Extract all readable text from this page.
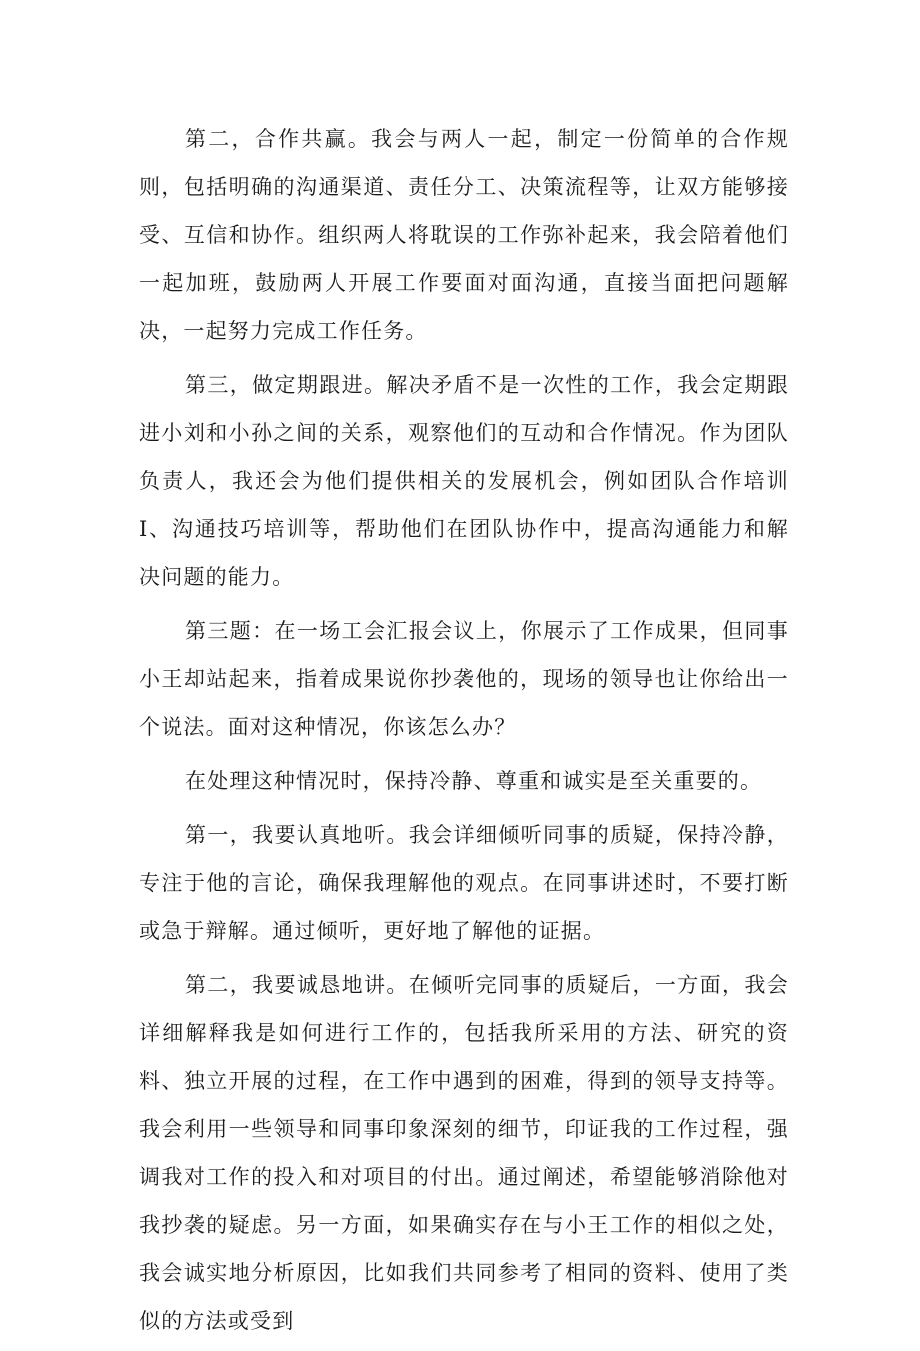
第二，合作共赢。我会与两人一起，制定一份简单的合作规则，包括明确的沟通渠道、责任分工、决策流程等，让双方能够接受、互信和协作。组织两人将耽误的工作弥补起来，我会陪着他们一起加班，鼓励两人开展工作要面对面沟通，直接当面把问题解决，一起努力完成工作任务。

第三，做定期跟进。解决矛盾不是一次性的工作，我会定期跟进小刘和小孙之间的关系，观察他们的互动和合作情况。作为团队负责人，我还会为他们提供相关的发展机会，例如团队合作培训I、沟通技巧培训等，帮助他们在团队协作中，提高沟通能力和解决问题的能力。

第三题：在一场工会汇报会议上，你展示了工作成果，但同事小王却站起来，指着成果说你抄袭他的，现场的领导也让你给出一个说法。面对这种情况，你该怎么办？

在处理这种情况时，保持冷静、尊重和诚实是至关重要的。

第一，我要认真地听。我会详细倾听同事的质疑，保持冷静，专注于他的言论，确保我理解他的观点。在同事讲述时，不要打断或急于辩解。通过倾听，更好地了解他的证据。

第二，我要诚恳地讲。在倾听完同事的质疑后，一方面，我会详细解释我是如何进行工作的，包括我所采用的方法、研究的资料、独立开展的过程，在工作中遇到的困难，得到的领导支持等。我会利用一些领导和同事印象深刻的细节，印证我的工作过程，强调我对工作的投入和对项目的付出。通过阐述，希望能够消除他对我抄袭的疑虑。另一方面，如果确实存在与小王工作的相似之处，我会诚实地分析原因，比如我们共同参考了相同的资料、使用了类似的方法或受到
